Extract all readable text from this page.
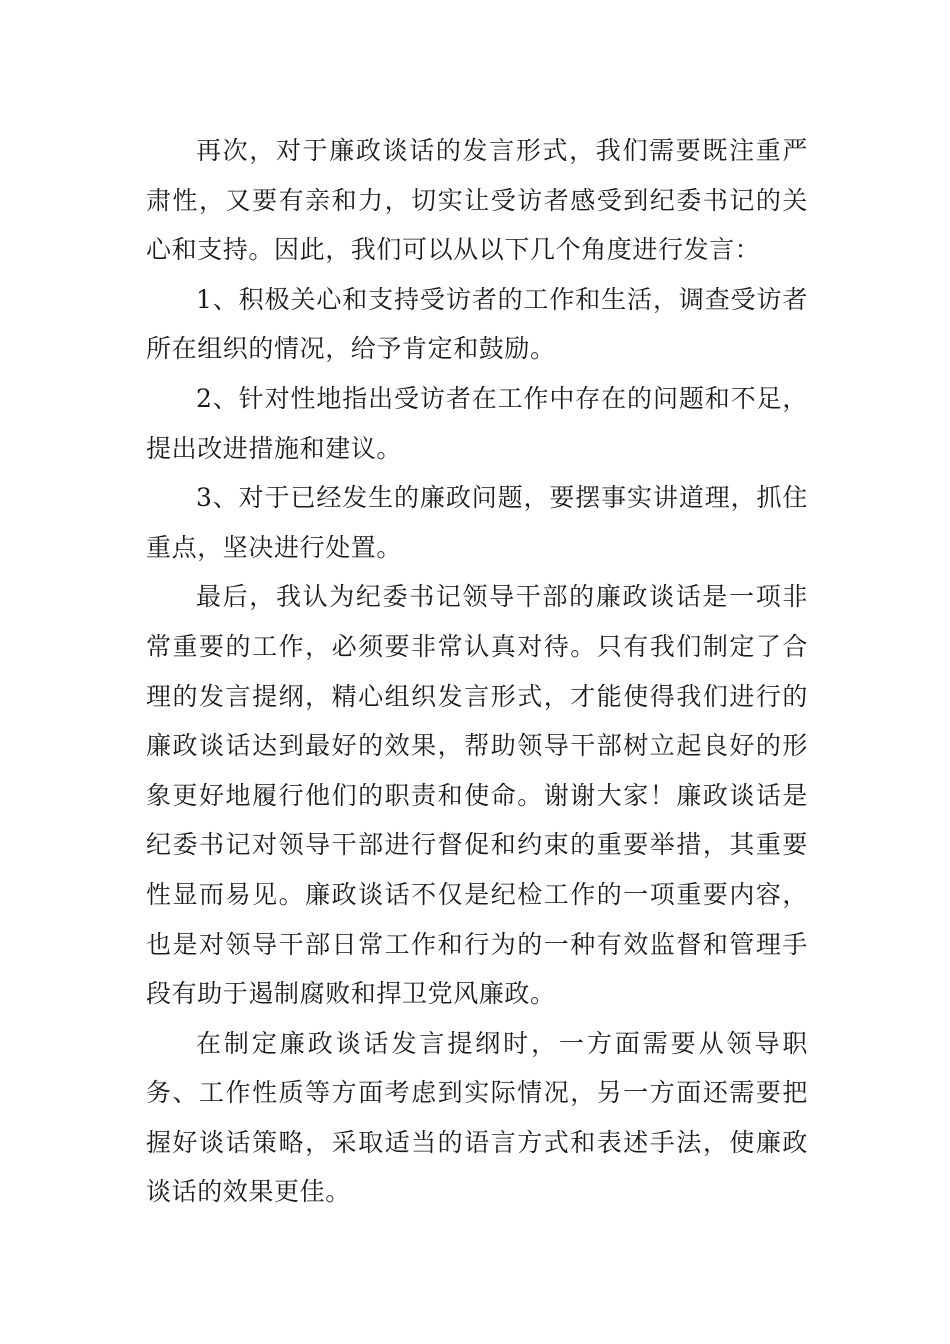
再次，对于廉政谈话的发言形式，我们需要既注重严肃性，又要有亲和力，切实让受访者感受到纪委书记的关心和支持。因此，我们可以从以下几个角度进行发言：

1、积极关心和支持受访者的工作和生活，调查受访者所在组织的情况，给予肯定和鼓励。

2、针对性地指出受访者在工作中存在的问题和不足，提出改进措施和建议。

3、对于已经发生的廉政问题，要摆事实讲道理，抓住重点，坚决进行处置。

最后，我认为纪委书记领导干部的廉政谈话是一项非常重要的工作，必须要非常认真对待。只有我们制定了合理的发言提纲，精心组织发言形式，才能使得我们进行的廉政谈话达到最好的效果，帮助领导干部树立起良好的形象更好地履行他们的职责和使命。谢谢大家！廉政谈话是纪委书记对领导干部进行督促和约束的重要举措，其重要性显而易见。廉政谈话不仅是纪检工作的一项重要内容，也是对领导干部日常工作和行为的一种有效监督和管理手段有助于遏制腐败和捍卫党风廉政。

在制定廉政谈话发言提纲时，一方面需要从领导职务、工作性质等方面考虑到实际情况，另一方面还需要把握好谈话策略，采取适当的语言方式和表述手法，使廉政谈话的效果更佳。
